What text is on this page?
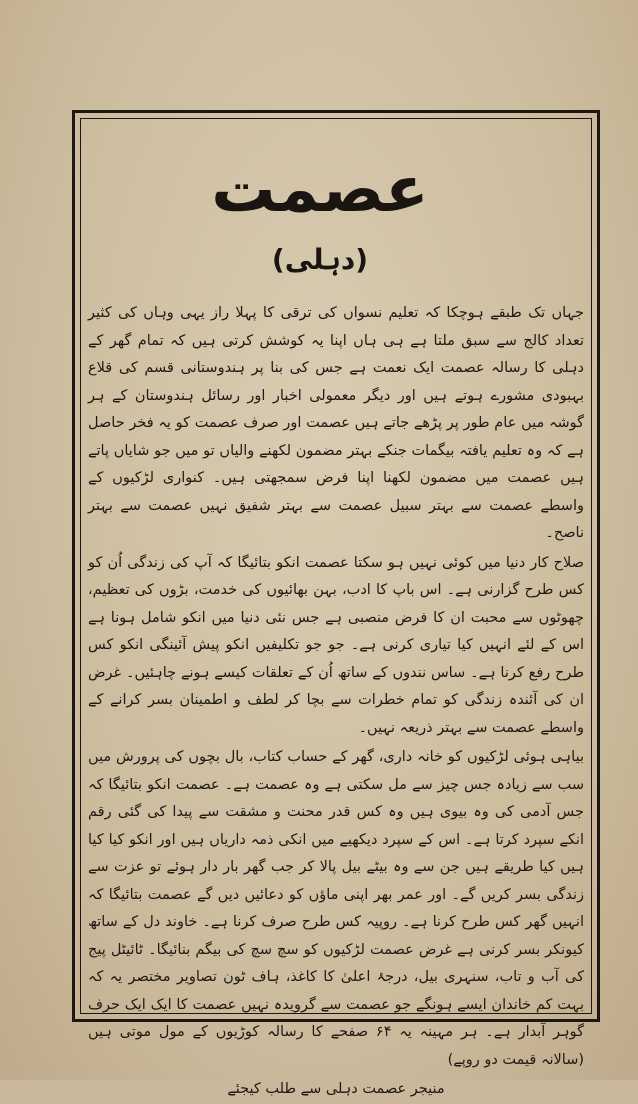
عصمت
(دہلی)

جہاں تک طبقے ہوچکا کہ تعلیم نسواں کی ترقی کا پہلا راز یہی وہاں کی کثیر تعداد کالج سے سبق ملتا ہے ہی ہاں اپنا یہ کوشش کرتی ہیں کہ تمام گھر کے دہلی کا رسالہ عصمت ایک نعمت ہے جس کی بنا پر ہندوستانی قسم کی قلاع بہبودی مشورے ہوتے ہیں اور دیگر معمولی اخبار اور رسائل ہندوستان کے ہر گوشہ میں عام طور پر پڑھے جاتے ہیں عصمت اور صرف عصمت کو یہ فخر حاصل ہے کہ وہ تعلیم یافتہ بیگمات جنکے بہتر مضمون لکھنے والیاں تو میں جو شایاں پاتے ہیں عصمت میں مضمون لکھنا اپنا فرض سمجھتی ہیں۔ کنواری لڑکیوں کے واسطے عصمت سے بہتر سبیل عصمت سے بہتر شفیق نہیں عصمت سے بہتر ناصح۔

صلاح کار دنیا میں کوئی نہیں ہو سکتا عصمت انکو بتائیگا کہ آپ کی زندگی اُن کو کس طرح گزارنی ہے۔ اس باپ کا ادب، بہن بھائیوں کی خدمت، بڑوں کی تعظیم، چھوٹوں سے محبت ان کا فرض منصبی ہے جس نئی دنیا میں انکو شامل ہونا ہے اس کے لئے انہیں کیا تیاری کرنی ہے۔ جو جو تکلیفیں انکو پیش آئینگی انکو کس طرح رفع کرنا ہے۔ ساس نندوں کے ساتھ اُن کے تعلقات کیسے ہونے چاہئیں۔ غرض ان کی آئندہ زندگی کو تمام خطرات سے بچا کر لطف و اطمینان بسر کرانے کے واسطے عصمت سے بہتر ذریعہ نہیں۔

بیاہی ہوئی لڑکیوں کو خانہ داری، گھر کے حساب کتاب، بال بچوں کی پرورش میں سب سے زیادہ جس چیز سے مل سکتی ہے وہ عصمت ہے۔ عصمت انکو بتائیگا کہ جس آدمی کی وہ بیوی ہیں وہ کس قدر محنت و مشقت سے پیدا کی گئی رقم انکے سپرد کرتا ہے۔ اس کے سپرد دیکھیے میں انکی ذمہ داریاں ہیں اور انکو کیا کیا ہیں کیا طریقے ہیں جن سے وہ بیٹے بیل پالا کر جب گھر بار دار ہوئے تو عزت سے زندگی بسر کریں گے۔ اور عمر بھر اپنی ماؤں کو دعائیں دیں گے عصمت بتائیگا کہ انہیں گھر کس طرح کرنا ہے۔ روپیہ کس طرح صرف کرنا ہے۔ خاوند دل کے ساتھ کیونکر بسر کرنی ہے غرض عصمت لڑکیوں کو سچ سچ کی بیگم بنائیگا۔ ٹائیٹل پیج کی آب و تاب، سنہری بیل، درجۂ اعلیٰ کا کاغذ، ہاف ٹون تصاویر مختصر یہ کہ بہت کم خاندان ایسے ہونگے جو عصمت سے گرویدہ نہیں عصمت کا ایک ایک حرف گوہر آبدار ہے۔ ہر مہینہ یہ ۶۴ صفحے کا رسالہ کوڑیوں کے مول موتی ہیں (سالانہ قیمت دو روپے)

منیجر عصمت دہلی سے طلب کیجئے
